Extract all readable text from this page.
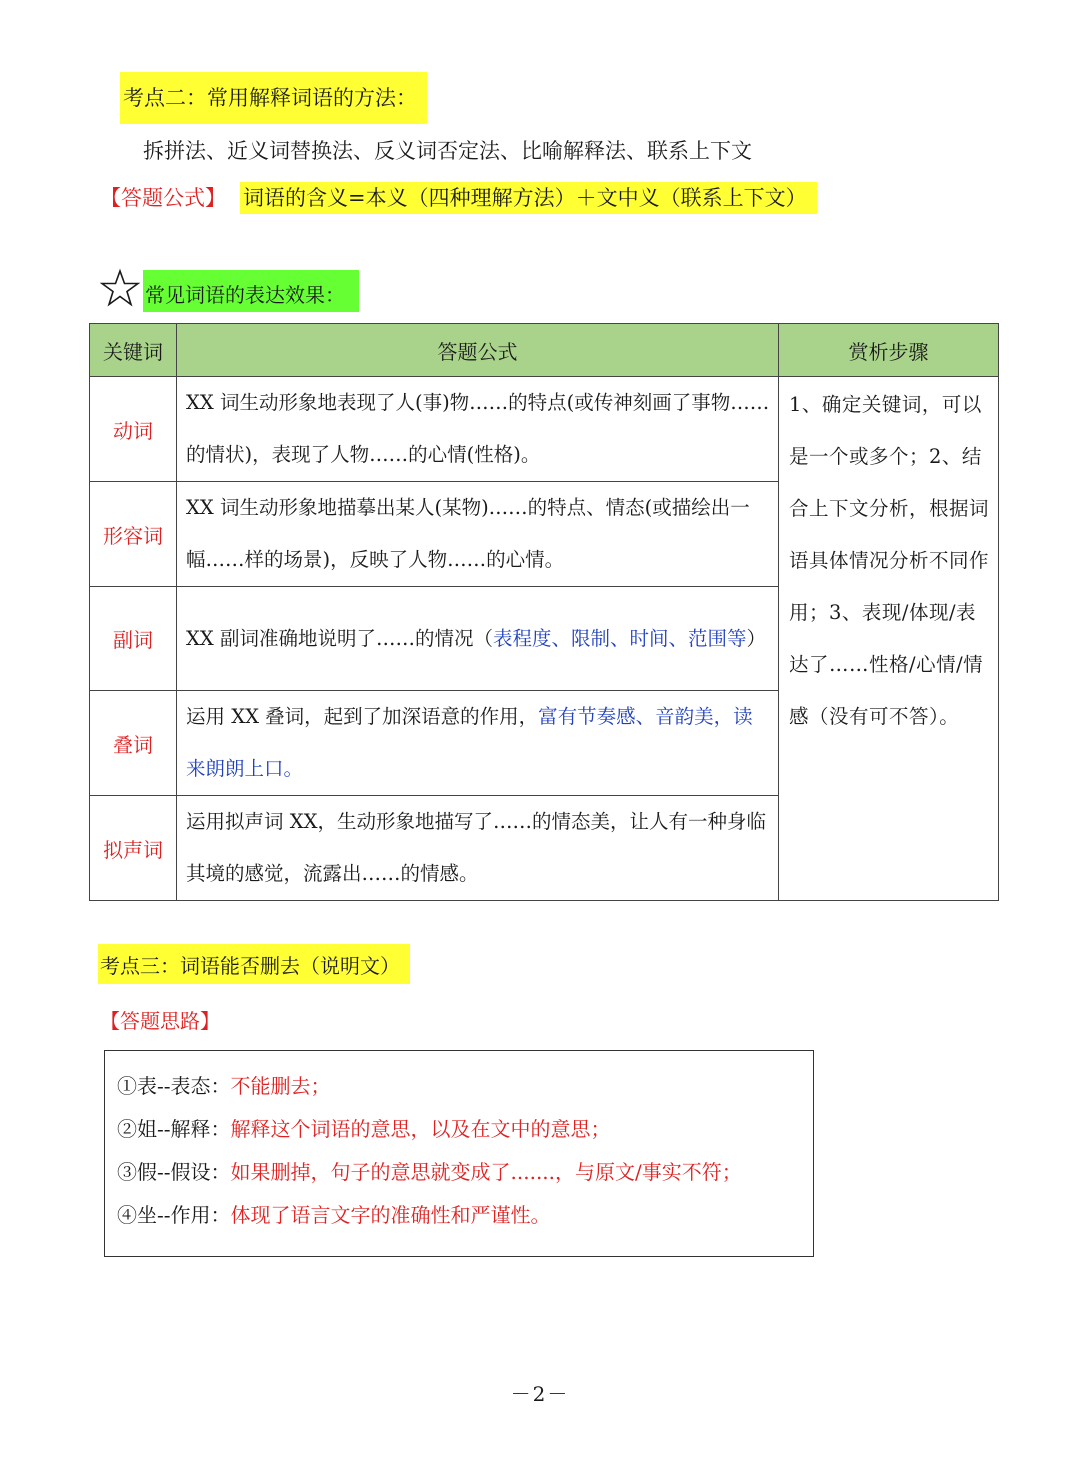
考点二：常用解释词语的方法：
拆拼法、近义词替换法、反义词否定法、比喻解释法、联系上下文
【答题公式】 词语的含义=本义（四种理解方法）＋文中义（联系上下文）
常见词语的表达效果：
关键词	答题公式	赏析步骤
动词	XX 词生动形象地表现了人(事)物……的特点(或传神刻画了事物……的情状)，表现了人物……的心情(性格)。	1、确定关键词，可以是一个或多个；2、结合上下文分析，根据词语具体情况分析不同作用；3、表现/体现/表达了……性格/心情/情感（没有可不答）。
形容词	XX 词生动形象地描摹出某人(某物)……的特点、情态(或描绘出一幅……样的场景)，反映了人物……的心情。	
副词	XX 副词准确地说明了……的情况（表程度、限制、时间、范围等）	
叠词	运用 XX 叠词，起到了加深语意的作用，富有节奏感、音韵美，读来朗朗上口。	
拟声词	运用拟声词 XX，生动形象地描写了……的情态美，让人有一种身临其境的感觉，流露出……的情感。	
考点三：词语能否删去（说明文）
【答题思路】
①表--表态：不能删去；
②姐--解释：解释这个词语的意思，以及在文中的意思；
③假--假设：如果删掉，句子的意思就变成了.......，与原文/事实不符；
④坐--作用：体现了语言文字的准确性和严谨性。
－2－
